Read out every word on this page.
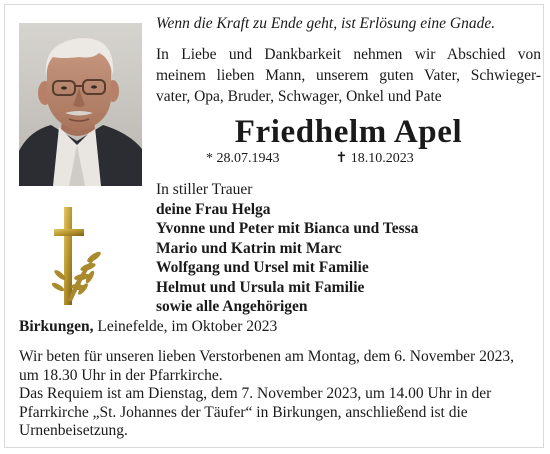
Wenn die Kraft zu Ende geht, ist Erlösung eine Gnade.
In Liebe und Dankbarkeit nehmen wir Abschied von
meinem lieben Mann, unserem guten Vater, Schwieger-
vater, Opa, Bruder, Schwager, Onkel und Pate
Friedhelm Apel
* 28.07.1943	✝ 18.10.2023
In stiller Trauer
deine Frau Helga
Yvonne und Peter mit Bianca und Tessa
Mario und Katrin mit Marc
Wolfgang und Ursel mit Familie
Helmut und Ursula mit Familie
sowie alle Angehörigen
Birkungen, Leinefelde, im Oktober 2023
Wir beten für unseren lieben Verstorbenen am Montag, dem 6. November 2023,
um 18.30 Uhr in der Pfarrkirche.
Das Requiem ist am Dienstag, dem 7. November 2023, um 14.00 Uhr in der
Pfarrkirche „St. Johannes der Täufer“ in Birkungen, anschließend ist die
Urnenbeisetzung.
